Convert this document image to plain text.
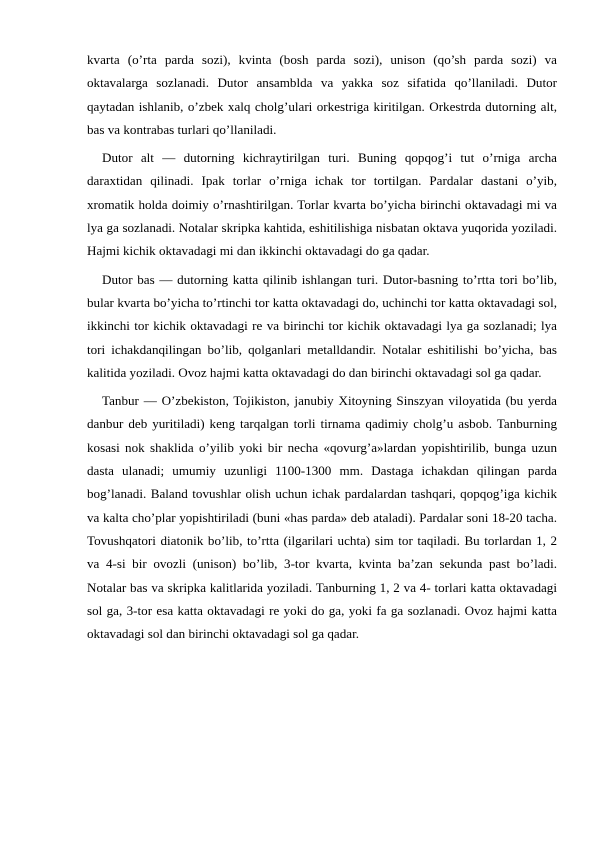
kvarta (o’rta parda sozi), kvinta (bosh parda sozi), unison (qo’sh parda sozi) va oktavalarga sozlanadi. Dutor ansamblda va yakka soz sifatida qo’llaniladi. Dutor qaytadan ishlanib, o’zbek xalq cholg’ulari orkestriga kiritilgan. Orkestrda dutorning alt, bas va kontrabas turlari qo’llaniladi.

Dutor alt — dutorning kichraytirilgan turi. Buning qopqog’i tut o’rniga archa daraxtidan qilinadi. Ipak torlar o’rniga ichak tor tortilgan. Pardalar dastani o’yib, xromatik holda doimiy o’rnashtirilgan. Torlar kvarta bo’yicha birinchi oktavadagi mi va lya ga sozlanadi. Notalar skripka kahtida, eshitilishiga nisbatan oktava yuqorida yoziladi. Hajmi kichik oktavadagi mi dan ikkinchi oktavadagi do ga qadar.

Dutor bas — dutorning katta qilinib ishlangan turi. Dutor-basning to’rtta tori bo’lib, bular kvarta bo’yicha to’rtinchi tor katta oktavadagi do, uchinchi tor katta oktavadagi sol, ikkinchi tor kichik oktavadagi re va birinchi tor kichik oktavadagi lya ga sozlanadi; lya tori ichakdanqilingan bo’lib, qolganlari metalldandir. Notalar eshitilishi bo’yicha, bas kalitida yoziladi. Ovoz hajmi katta oktavadagi do dan birinchi oktavadagi sol ga qadar.

Tanbur — O’zbekiston, Tojikiston, janubiy Xitoyning Sinszyan viloyatida (bu yerda danbur deb yuritiladi) keng tarqalgan torli tirnama qadimiy cholg’u asbob. Tanburning kosasi nok shaklida o’yilib yoki bir necha «qovurg’a»lardan yopishtirilib, bunga uzun dasta ulanadi; umumiy uzunligi 1100-1300 mm. Dastaga ichakdan qilingan parda bog’lanadi. Baland tovushlar olish uchun ichak pardalardan tashqari, qopqog’iga kichik va kalta cho’plar yopishtiriladi (buni «has parda» deb ataladi). Pardalar soni 18-20 tacha. Tovushqatori diatonik bo’lib, to’rtta (ilgarilari uchta) sim tor taqiladi. Bu torlardan 1, 2 va 4-si bir ovozli (unison) bo’lib, 3-tor kvarta, kvinta ba’zan sekunda past bo’ladi. Notalar bas va skripka kalitlarida yoziladi. Tanburning 1, 2 va 4- torlari katta oktavadagi sol ga, 3-tor esa katta oktavadagi re yoki do ga, yoki fa ga sozlanadi. Ovoz hajmi katta oktavadagi sol dan birinchi oktavadagi sol ga qadar.
